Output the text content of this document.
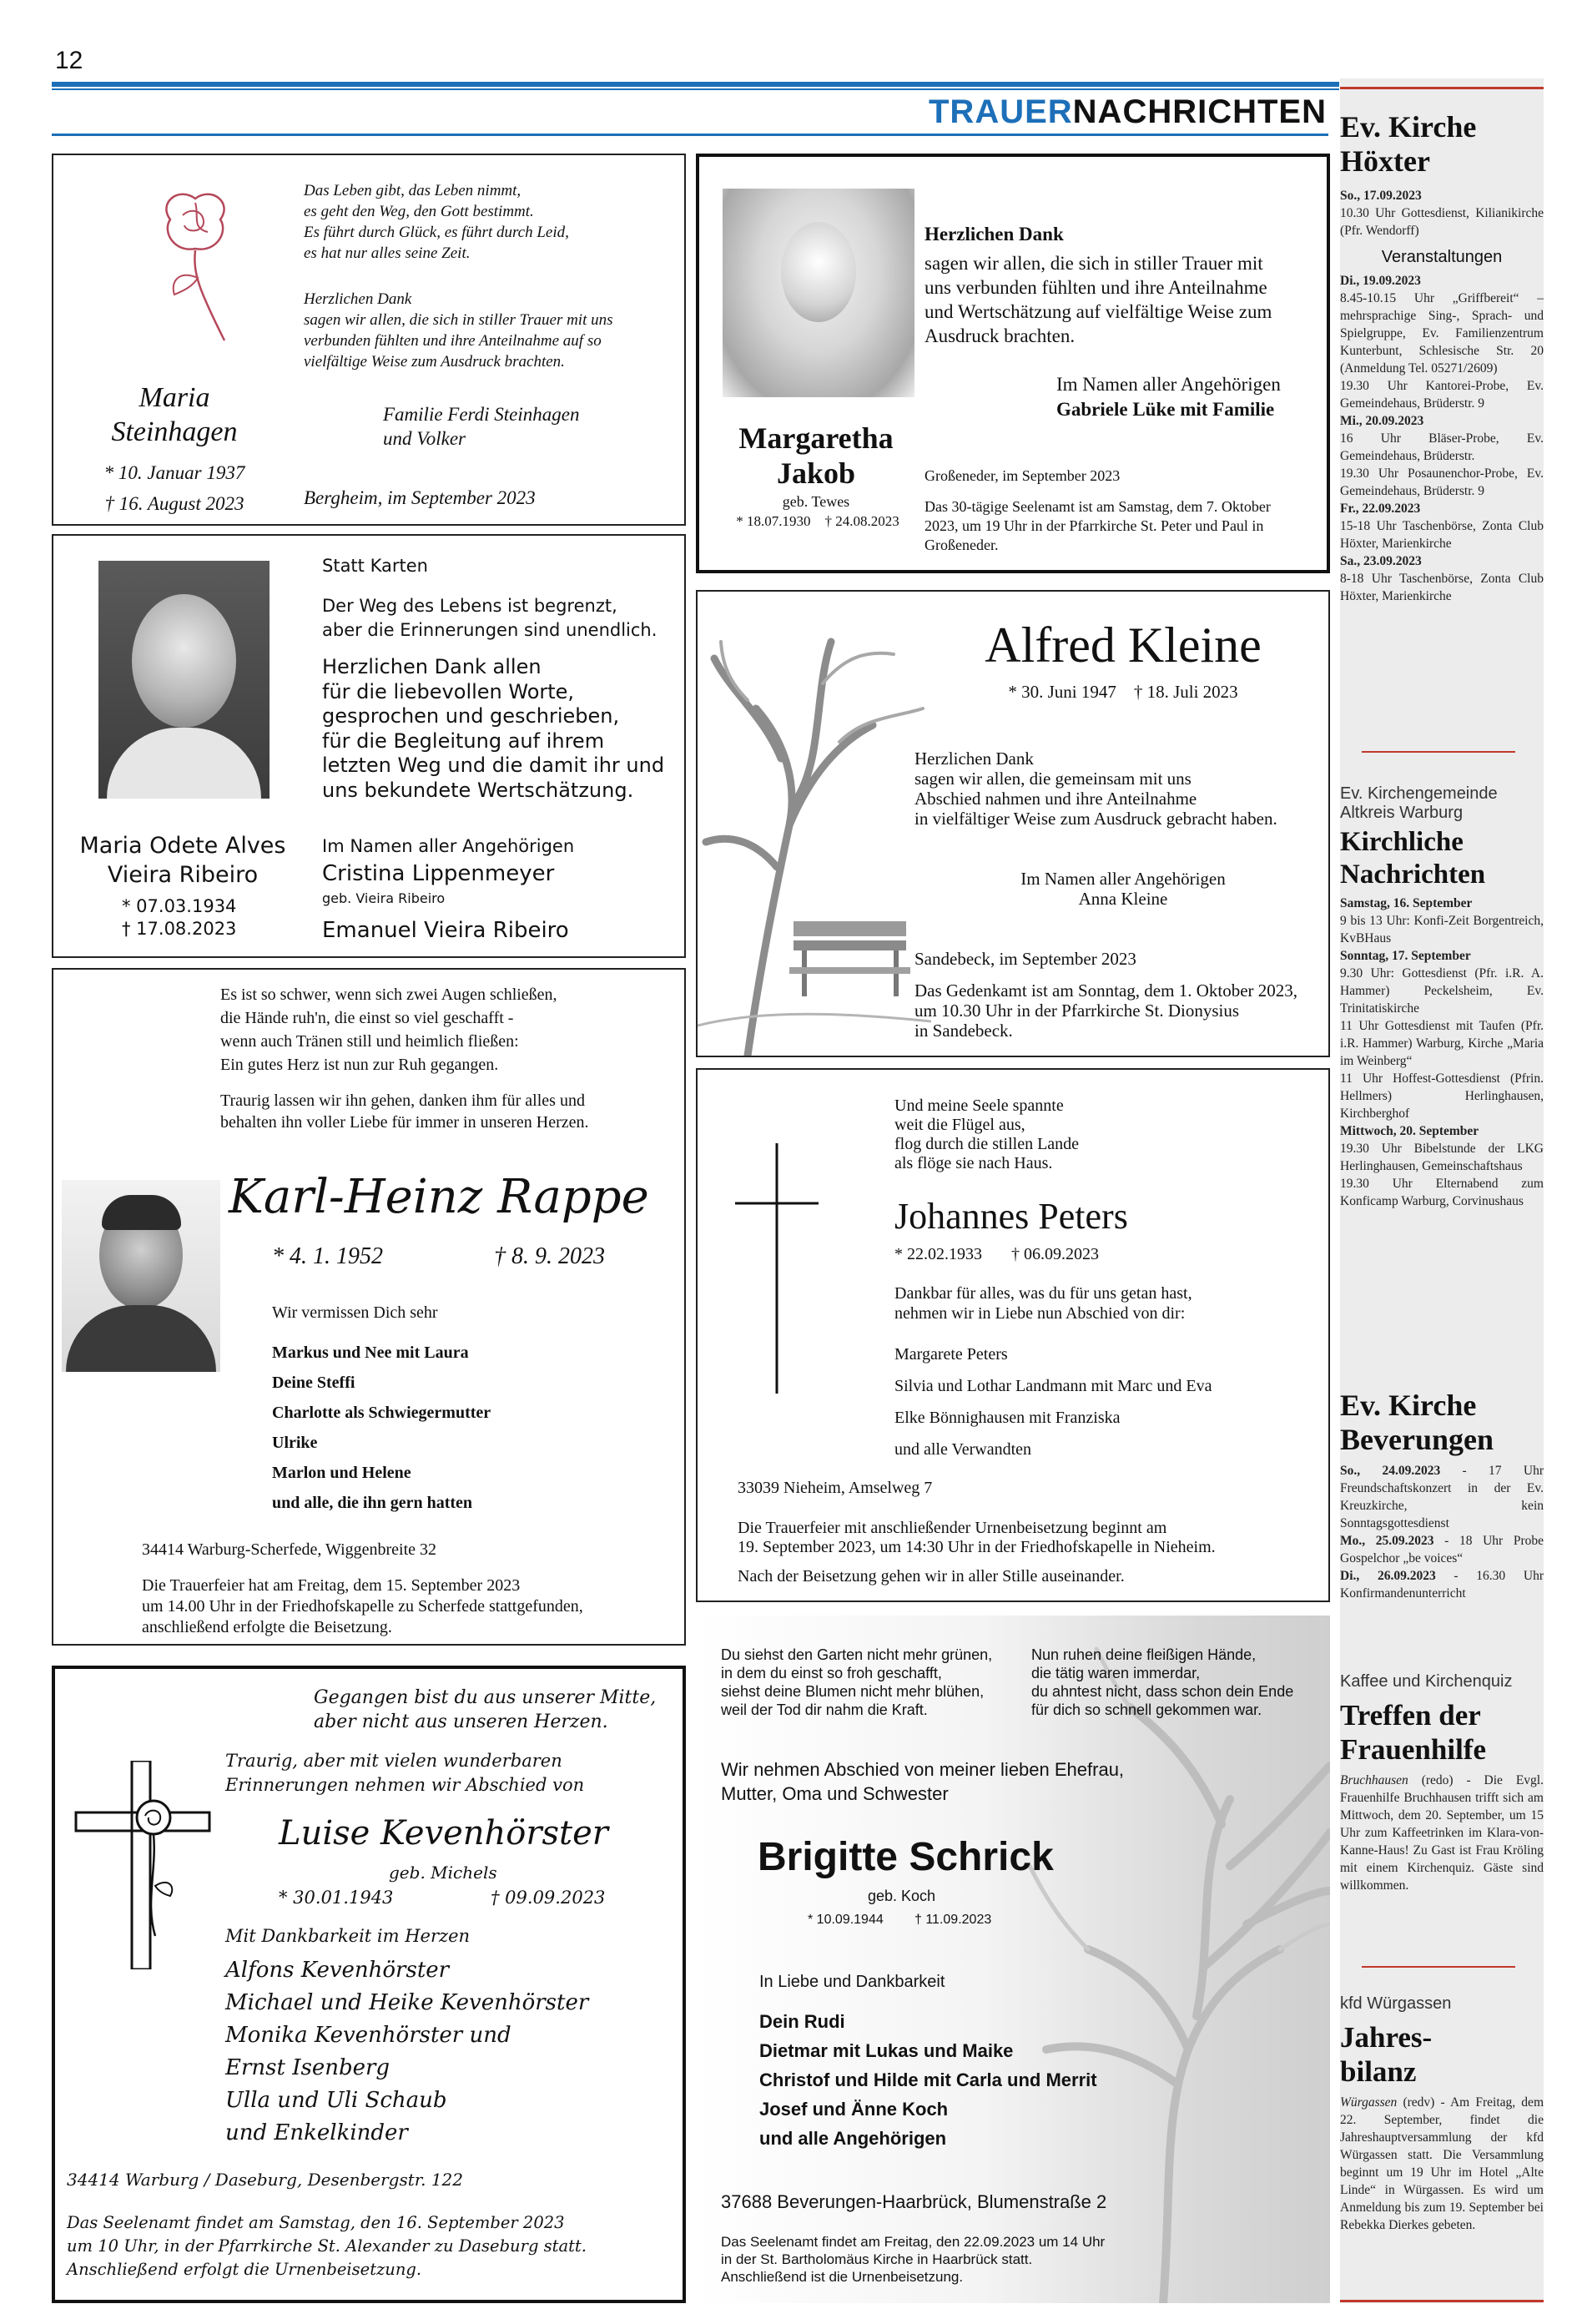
12
TRAUERNACHRICHTEN
Das Leben gibt, das Leben nimmt,
es geht den Weg, den Gott bestimmt.
Es führt durch Glück, es führt durch Leid,
es hat nur alles seine Zeit.
Herzlichen Dank
sagen wir allen, die sich in stiller Trauer mit uns
verbunden fühlten und ihre Anteilnahme auf so
vielfältige Weise zum Ausdruck brachten.
Maria
Steinhagen
* 10. Januar 1937
† 16. August 2023
Familie Ferdi Steinhagen
und Volker
Bergheim, im September 2023
Herzlichen Dank
sagen wir allen, die sich in stiller Trauer mit
uns verbunden fühlten und ihre Anteilnahme
und Wertschätzung auf vielfältige Weise zum
Ausdruck brachten.
Im Namen aller Angehörigen
Gabriele Lüke mit Familie
Margaretha
Jakob
geb. Tewes
* 18.07.1930    † 24.08.2023
Großeneder, im September 2023
Das 30-tägige Seelenamt ist am Samstag, dem 7. Oktober
2023, um 19 Uhr in der Pfarrkirche St. Peter und Paul in
Großeneder.
Statt Karten
Der Weg des Lebens ist begrenzt,
aber die Erinnerungen sind unendlich.
Herzlichen Dank allen
für die liebevollen Worte,
gesprochen und geschrieben,
für die Begleitung auf ihrem
letzten Weg und die damit ihr und
uns bekundete Wertschätzung.
Maria Odete Alves
Vieira Ribeiro
* 07.03.1934
† 17.08.2023
Im Namen aller Angehörigen
Cristina Lippenmeyer
geb. Vieira Ribeiro
Emanuel Vieira Ribeiro
Alfred Kleine
* 30. Juni 1947    † 18. Juli 2023
Herzlichen Dank
sagen wir allen, die gemeinsam mit uns
Abschied nahmen und ihre Anteilnahme
in vielfältiger Weise zum Ausdruck gebracht haben.
Im Namen aller Angehörigen
Anna Kleine
Sandebeck, im September 2023
Das Gedenkamt ist am Sonntag, dem 1. Oktober 2023,
um 10.30 Uhr in der Pfarrkirche St. Dionysius
in Sandebeck.
Es ist so schwer, wenn sich zwei Augen schließen,
die Hände ruh'n, die einst so viel geschafft -
wenn auch Tränen still und heimlich fließen:
Ein gutes Herz ist nun zur Ruh gegangen.
Traurig lassen wir ihn gehen, danken ihm für alles und
behalten ihn voller Liebe für immer in unseren Herzen.
Karl-Heinz Rappe
* 4. 1. 1952	† 8. 9. 2023
Wir vermissen Dich sehr
Markus und Nee mit Laura
Deine Steffi
Charlotte als Schwiegermutter
Ulrike
Marlon und Helene
und alle, die ihn gern hatten
34414 Warburg-Scherfede, Wiggenbreite 32
Die Trauerfeier hat am Freitag, dem 15. September 2023
um 14.00 Uhr in der Friedhofskapelle zu Scherfede stattgefunden,
anschließend erfolgte die Beisetzung.
Und meine Seele spannte
weit die Flügel aus,
flog durch die stillen Lande
als flöge sie nach Haus.
Johannes Peters
* 22.02.1933       † 06.09.2023
Dankbar für alles, was du für uns getan hast,
nehmen wir in Liebe nun Abschied von dir:
Margarete Peters
Silvia und Lothar Landmann mit Marc und Eva
Elke Bönnighausen mit Franziska
und alle Verwandten
33039 Nieheim, Amselweg 7
Die Trauerfeier mit anschließender Urnenbeisetzung beginnt am
19. September 2023, um 14:30 Uhr in der Friedhofskapelle in Nieheim.
Nach der Beisetzung gehen wir in aller Stille auseinander.
Gegangen bist du aus unserer Mitte,
aber nicht aus unseren Herzen.
Traurig, aber mit vielen wunderbaren
Erinnerungen nehmen wir Abschied von
Luise Kevenhörster
geb. Michels
* 30.01.1943	† 09.09.2023
Mit Dankbarkeit im Herzen
Alfons Kevenhörster
Michael und Heike Kevenhörster
Monika Kevenhörster und
Ernst Isenberg
Ulla und Uli Schaub
und Enkelkinder
34414 Warburg / Daseburg, Desenbergstr. 122
Das Seelenamt findet am Samstag, den 16. September 2023
um 10 Uhr, in der Pfarrkirche St. Alexander zu Daseburg statt.
Anschließend erfolgt die Urnenbeisetzung.
Du siehst den Garten nicht mehr grünen,
in dem du einst so froh geschafft,
siehst deine Blumen nicht mehr blühen,
weil der Tod dir nahm die Kraft.
Nun ruhen deine fleißigen Hände,
die tätig waren immerdar,
du ahntest nicht, dass schon dein Ende
für dich so schnell gekommen war.
Wir nehmen Abschied von meiner lieben Ehefrau,
Mutter, Oma und Schwester
Brigitte Schrick
geb. Koch
* 10.09.1944 † 11.09.2023
In Liebe und Dankbarkeit
Dein Rudi
Dietmar mit Lukas und Maike
Christof und Hilde mit Carla und Merrit
Josef und Änne Koch
und alle Angehörigen
37688 Beverungen-Haarbrück, Blumenstraße 2
Das Seelenamt findet am Freitag, den 22.09.2023 um 14 Uhr
in der St. Bartholomäus Kirche in Haarbrück statt.
Anschließend ist die Urnenbeisetzung.
Ev. Kirche
Höxter
So., 17.09.2023
10.30 Uhr Gottesdienst, Kilianikirche (Pfr. Wendorff)
Veranstaltungen
Di., 19.09.2023
8.45-10.15 Uhr „Griffbereit“ – mehrsprachige Sing-, Sprach- und Spielgruppe, Ev. Familienzentrum Kunterbunt, Schlesische Str. 20 (Anmeldung Tel. 05271/2609)
19.30 Uhr Kantorei-Probe, Ev. Gemeindehaus, Brüderstr. 9
Mi., 20.09.2023
16 Uhr Bläser-Probe, Ev. Gemeindehaus, Brüderstr.
19.30 Uhr Posaunenchor-Probe, Ev. Gemeindehaus, Brüderstr. 9
Fr., 22.09.2023
15-18 Uhr Taschenbörse, Zonta Club Höxter, Marienkirche
Sa., 23.09.2023
8-18 Uhr Taschenbörse, Zonta Club Höxter, Marienkirche
Ev. Kirchengemeinde
Altkreis Warburg
Kirchliche
Nachrichten
Samstag, 16. September
9 bis 13 Uhr: Konfi-Zeit Borgentreich, KvBHaus
Sonntag, 17. September
9.30 Uhr: Gottesdienst (Pfr. i.R. A. Hammer) Peckelsheim, Ev. Trinitatiskirche
11 Uhr Gottesdienst mit Taufen (Pfr. i.R. Hammer) Warburg, Kirche „Maria im Weinberg“
11 Uhr Hoffest-Gottesdienst (Pfrin. Hellmers) Herlinghausen, Kirchberghof
Mittwoch, 20. September
19.30 Uhr Bibelstunde der LKG Herlinghausen, Gemeinschaftshaus
19.30 Uhr Elternabend zum Konficamp Warburg, Corvinushaus
Ev. Kirche
Beverungen
So., 24.09.2023 - 17 Uhr Freundschaftskonzert in der Ev. Kreuzkirche, kein Sonntagsgottesdienst
Mo., 25.09.2023 - 18 Uhr Probe Gospelchor „be voices“
Di., 26.09.2023 - 16.30 Uhr Konfirmandenunterricht
Kaffee und Kirchenquiz
Treffen der
Frauenhilfe
Bruchhausen (redo) - Die Evgl. Frauenhilfe Bruchhausen trifft sich am Mittwoch, dem 20. September, um 15 Uhr zum Kaffeetrinken im Klara-von-Kanne-Haus! Zu Gast ist Frau Kröling mit einem Kirchenquiz. Gäste sind willkommen.
kfd Würgassen
Jahres-
bilanz
Würgassen (redv) - Am Freitag, dem 22. September, findet die Jahreshauptversammlung der kfd Würgassen statt. Die Versammlung beginnt um 19 Uhr im Hotel „Alte Linde“ in Würgassen. Es wird um Anmeldung bis zum 19. September bei Rebekka Dierkes gebeten.
